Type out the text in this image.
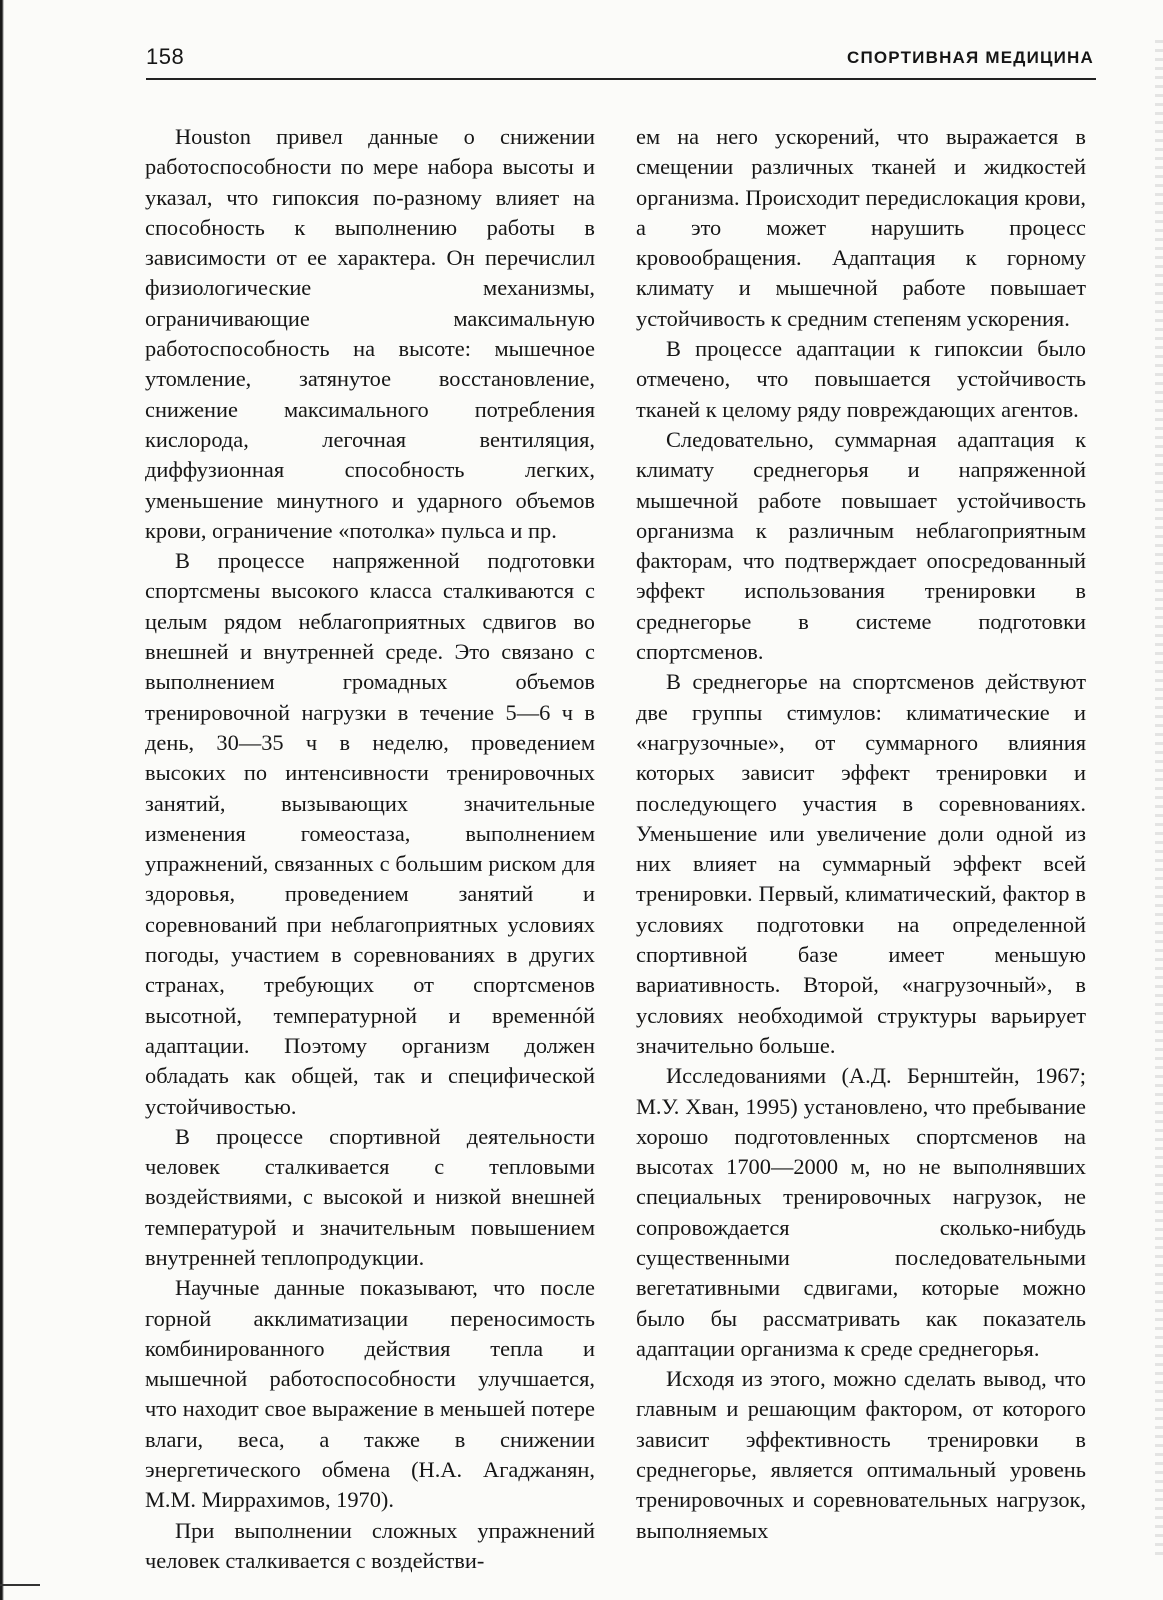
158	СПОРТИВНАЯ МЕДИЦИНА

Houston привел данные о снижении работоспособности по мере набора высоты и указал, что гипоксия по-разному влияет на способность к выполнению работы в зависимости от ее характера. Он перечислил физиологические механизмы, ограничивающие максимальную работоспособность на высоте: мышечное утомление, затянутое восстановление, снижение максимального потребления кислорода, легочная вентиляция, диффузионная способность легких, уменьшение минутного и ударного объемов крови, ограничение «потолка» пульса и пр.

В процессе напряженной подготовки спортсмены высокого класса сталкиваются с целым рядом неблагоприятных сдвигов во внешней и внутренней среде. Это связано с выполнением громадных объемов тренировочной нагрузки в течение 5—6 ч в день, 30—35 ч в неделю, проведением высоких по интенсивности тренировочных занятий, вызывающих значительные изменения гомеостаза, выполнением упражнений, связанных с большим риском для здоровья, проведением занятий и соревнований при неблагоприятных условиях погоды, участием в соревнованиях в других странах, требующих от спортсменов высотной, температурной и временнóй адаптации. Поэтому организм должен обладать как общей, так и специфической устойчивостью.

В процессе спортивной деятельности человек сталкивается с тепловыми воздействиями, с высокой и низкой внешней температурой и значительным повышением внутренней теплопродукции.

Научные данные показывают, что после горной акклиматизации переносимость комбинированного действия тепла и мышечной работоспособности улучшается, что находит свое выражение в меньшей потере влаги, веса, а также в снижении энергетического обмена (Н.А. Агаджанян, М.М. Миррахимов, 1970).

При выполнении сложных упражнений человек сталкивается с воздействи-

ем на него ускорений, что выражается в смещении различных тканей и жидкостей организма. Происходит передислокация крови, а это может нарушить процесс кровообращения. Адаптация к горному климату и мышечной работе повышает устойчивость к средним степеням ускорения.

В процессе адаптации к гипоксии было отмечено, что повышается устойчивость тканей к целому ряду повреждающих агентов.

Следовательно, суммарная адаптация к климату среднегорья и напряженной мышечной работе повышает устойчивость организма к различным неблагоприятным факторам, что подтверждает опосредованный эффект использования тренировки в среднегорье в системе подготовки спортсменов.

В среднегорье на спортсменов действуют две группы стимулов: климатические и «нагрузочные», от суммарного влияния которых зависит эффект тренировки и последующего участия в соревнованиях. Уменьшение или увеличение доли одной из них влияет на суммарный эффект всей тренировки. Первый, климатический, фактор в условиях подготовки на определенной спортивной базе имеет меньшую вариативность. Второй, «нагрузочный», в условиях необходимой структуры варьирует значительно больше.

Исследованиями (А.Д. Бернштейн, 1967; М.У. Хван, 1995) установлено, что пребывание хорошо подготовленных спортсменов на высотах 1700—2000 м, но не выполнявших специальных тренировочных нагрузок, не сопровождается сколько-нибудь существенными последовательными вегетативными сдвигами, которые можно было бы рассматривать как показатель адаптации организма к среде среднегорья.

Исходя из этого, можно сделать вывод, что главным и решающим фактором, от которого зависит эффективность тренировки в среднегорье, является оптимальный уровень тренировочных и соревновательных нагрузок, выполняемых
